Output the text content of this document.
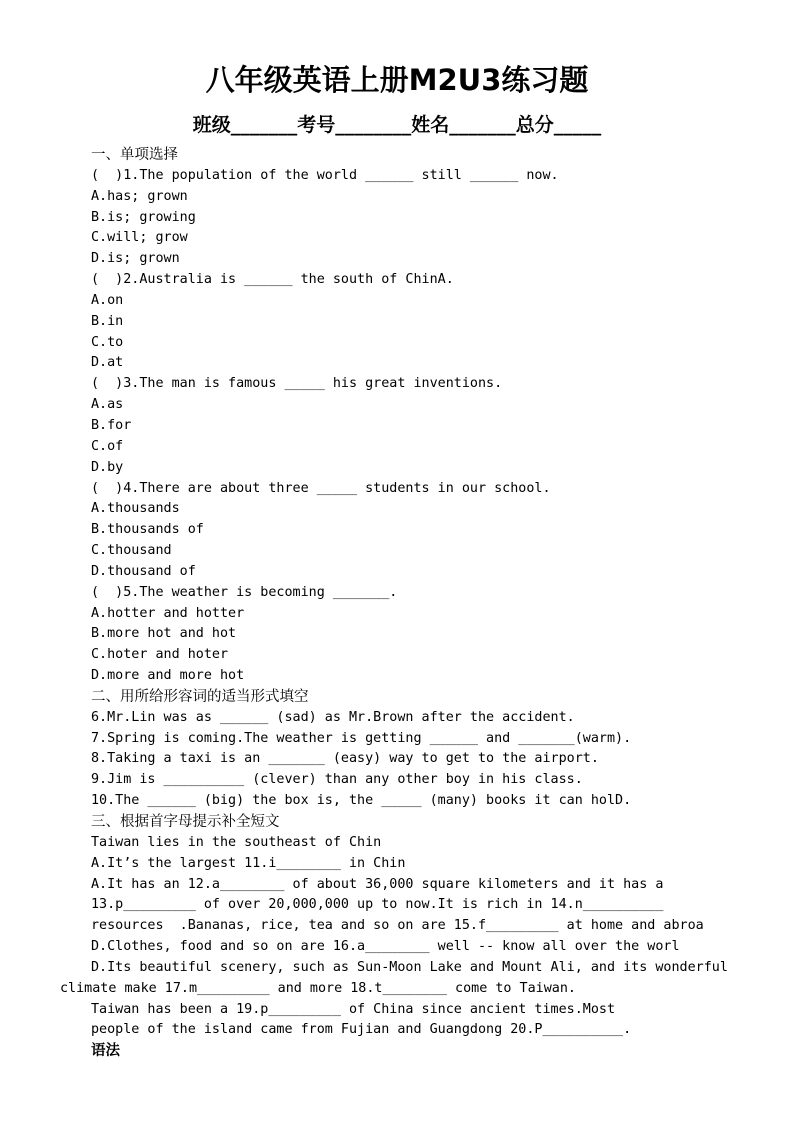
八年级英语上册M2U3练习题
班级_______考号________姓名_______总分_____
一、单项选择
(  )1.The population of the world ______ still ______ now.
A.has; grown
B.is; growing
C.will; grow
D.is; grown
(  )2.Australia is ______ the south of ChinA.
A.on
B.in
C.to
D.at
(  )3.The man is famous _____ his great inventions.
A.as
B.for
C.of
D.by
(  )4.There are about three _____ students in our school.
A.thousands
B.thousands of
C.thousand
D.thousand of
(  )5.The weather is becoming _______.
A.hotter and hotter
B.more hot and hot
C.hoter and hoter
D.more and more hot
二、用所给形容词的适当形式填空
6.Mr.Lin was as ______ (sad) as Mr.Brown after the accident.
7.Spring is coming.The weather is getting ______ and _______(warm).
8.Taking a taxi is an _______ (easy) way to get to the airport.
9.Jim is __________ (clever) than any other boy in his class.
10.The ______ (big) the box is, the _____ (many) books it can holD.
三、根据首字母提示补全短文
Taiwan lies in the southeast of Chin
A.It’s the largest 11.i________ in Chin
A.It has an 12.a________ of about 36,000 square kilometers and it has a
13.p_________ of over 20,000,000 up to now.It is rich in 14.n__________
resources  .Bananas, rice, tea and so on are 15.f_________ at home and abroa
D.Clothes, food and so on are 16.a________ well -- know all over the worl
D.Its beautiful scenery, such as Sun-Moon Lake and Mount Ali, and its wonderful
climate make 17.m_________ and more 18.t________ come to Taiwan.
Taiwan has been a 19.p_________ of China since ancient times.Most
people of the island came from Fujian and Guangdong 20.P__________.
语法
